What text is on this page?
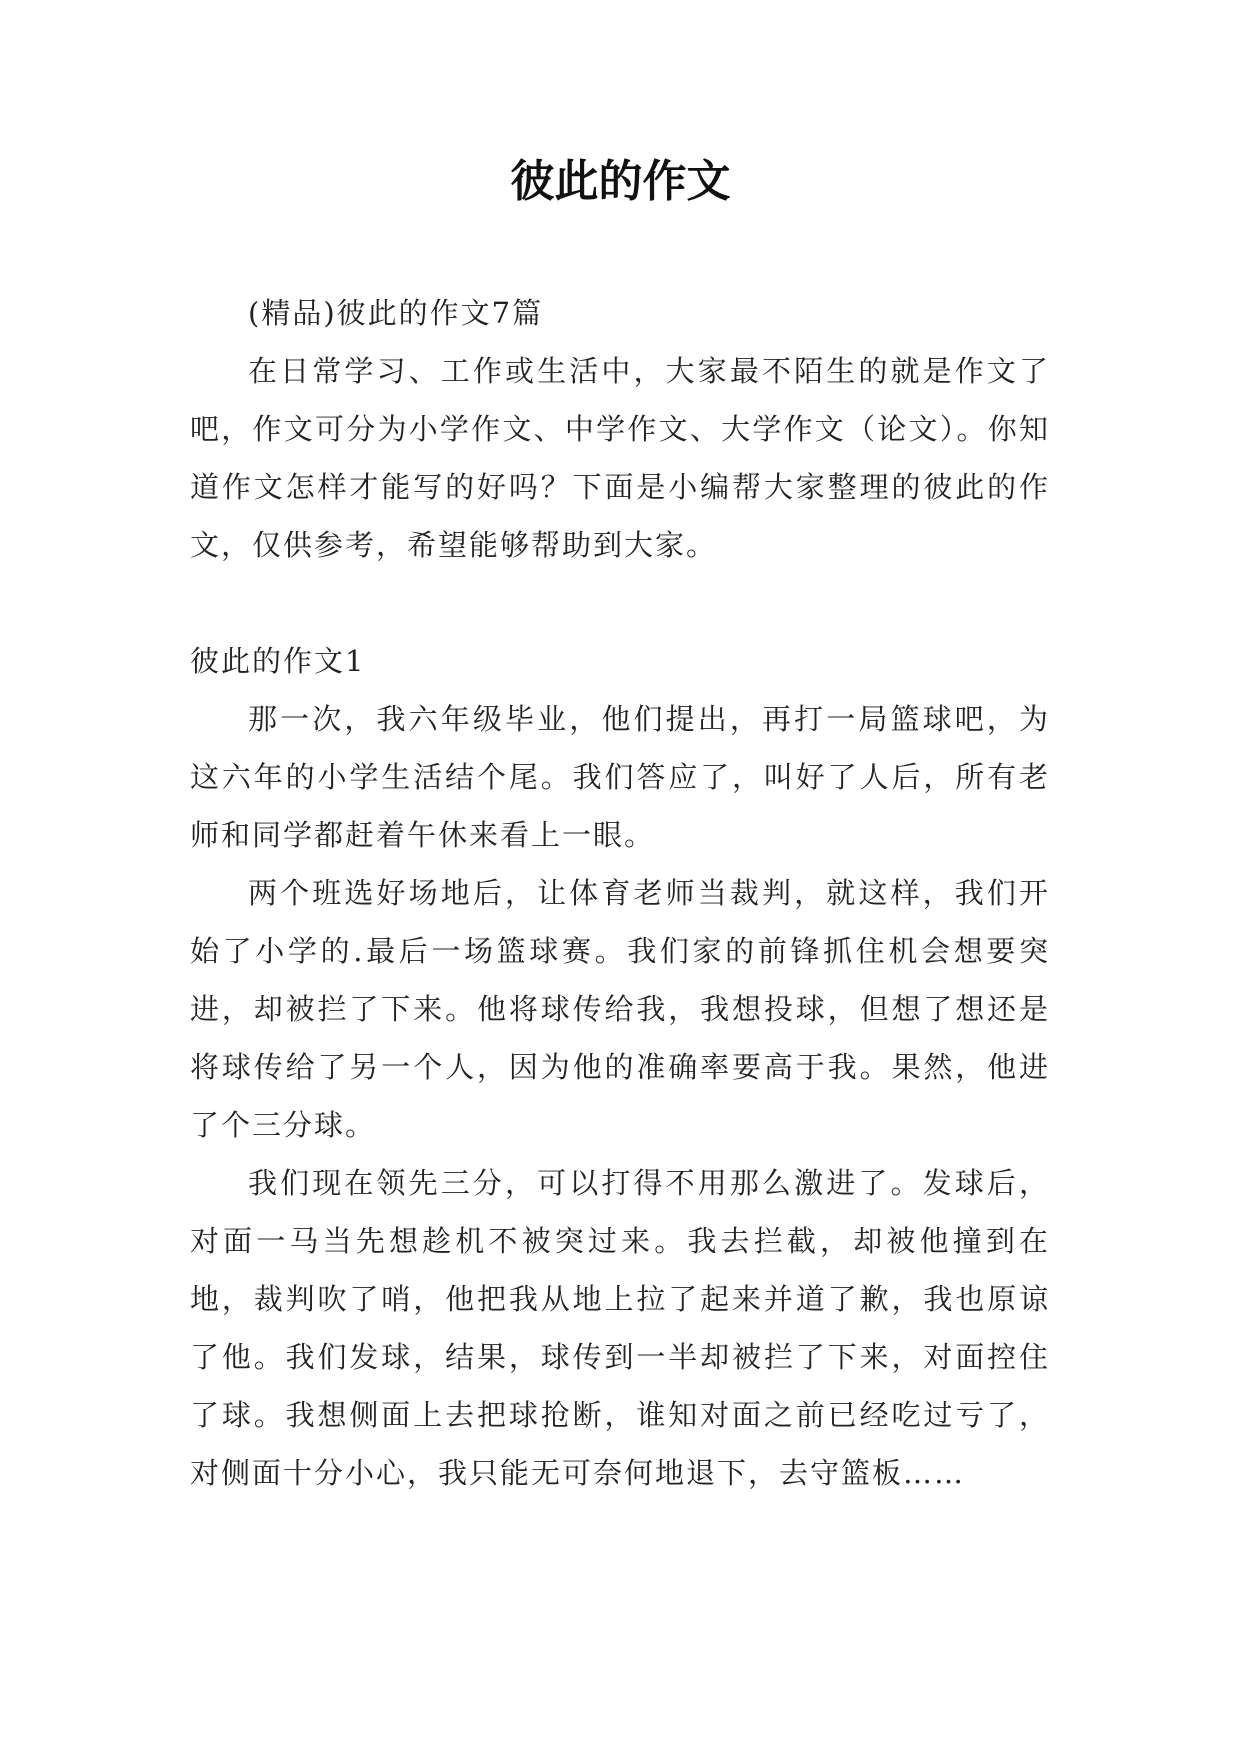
彼此的作文

(精品)彼此的作文7篇

在日常学习、工作或生活中，大家最不陌生的就是作文了吧，作文可分为小学作文、中学作文、大学作文（论文）。你知道作文怎样才能写的好吗？下面是小编帮大家整理的彼此的作文，仅供参考，希望能够帮助到大家。

彼此的作文1

那一次，我六年级毕业，他们提出，再打一局篮球吧，为这六年的小学生活结个尾。我们答应了，叫好了人后，所有老师和同学都赶着午休来看上一眼。

两个班选好场地后，让体育老师当裁判，就这样，我们开始了小学的.最后一场篮球赛。我们家的前锋抓住机会想要突进，却被拦了下来。他将球传给我，我想投球，但想了想还是将球传给了另一个人，因为他的准确率要高于我。果然，他进了个三分球。

我们现在领先三分，可以打得不用那么激进了。发球后，对面一马当先想趁机不被突过来。我去拦截，却被他撞到在地，裁判吹了哨，他把我从地上拉了起来并道了歉，我也原谅了他。我们发球，结果，球传到一半却被拦了下来，对面控住了球。我想侧面上去把球抢断，谁知对面之前已经吃过亏了，对侧面十分小心，我只能无可奈何地退下，去守篮板……
